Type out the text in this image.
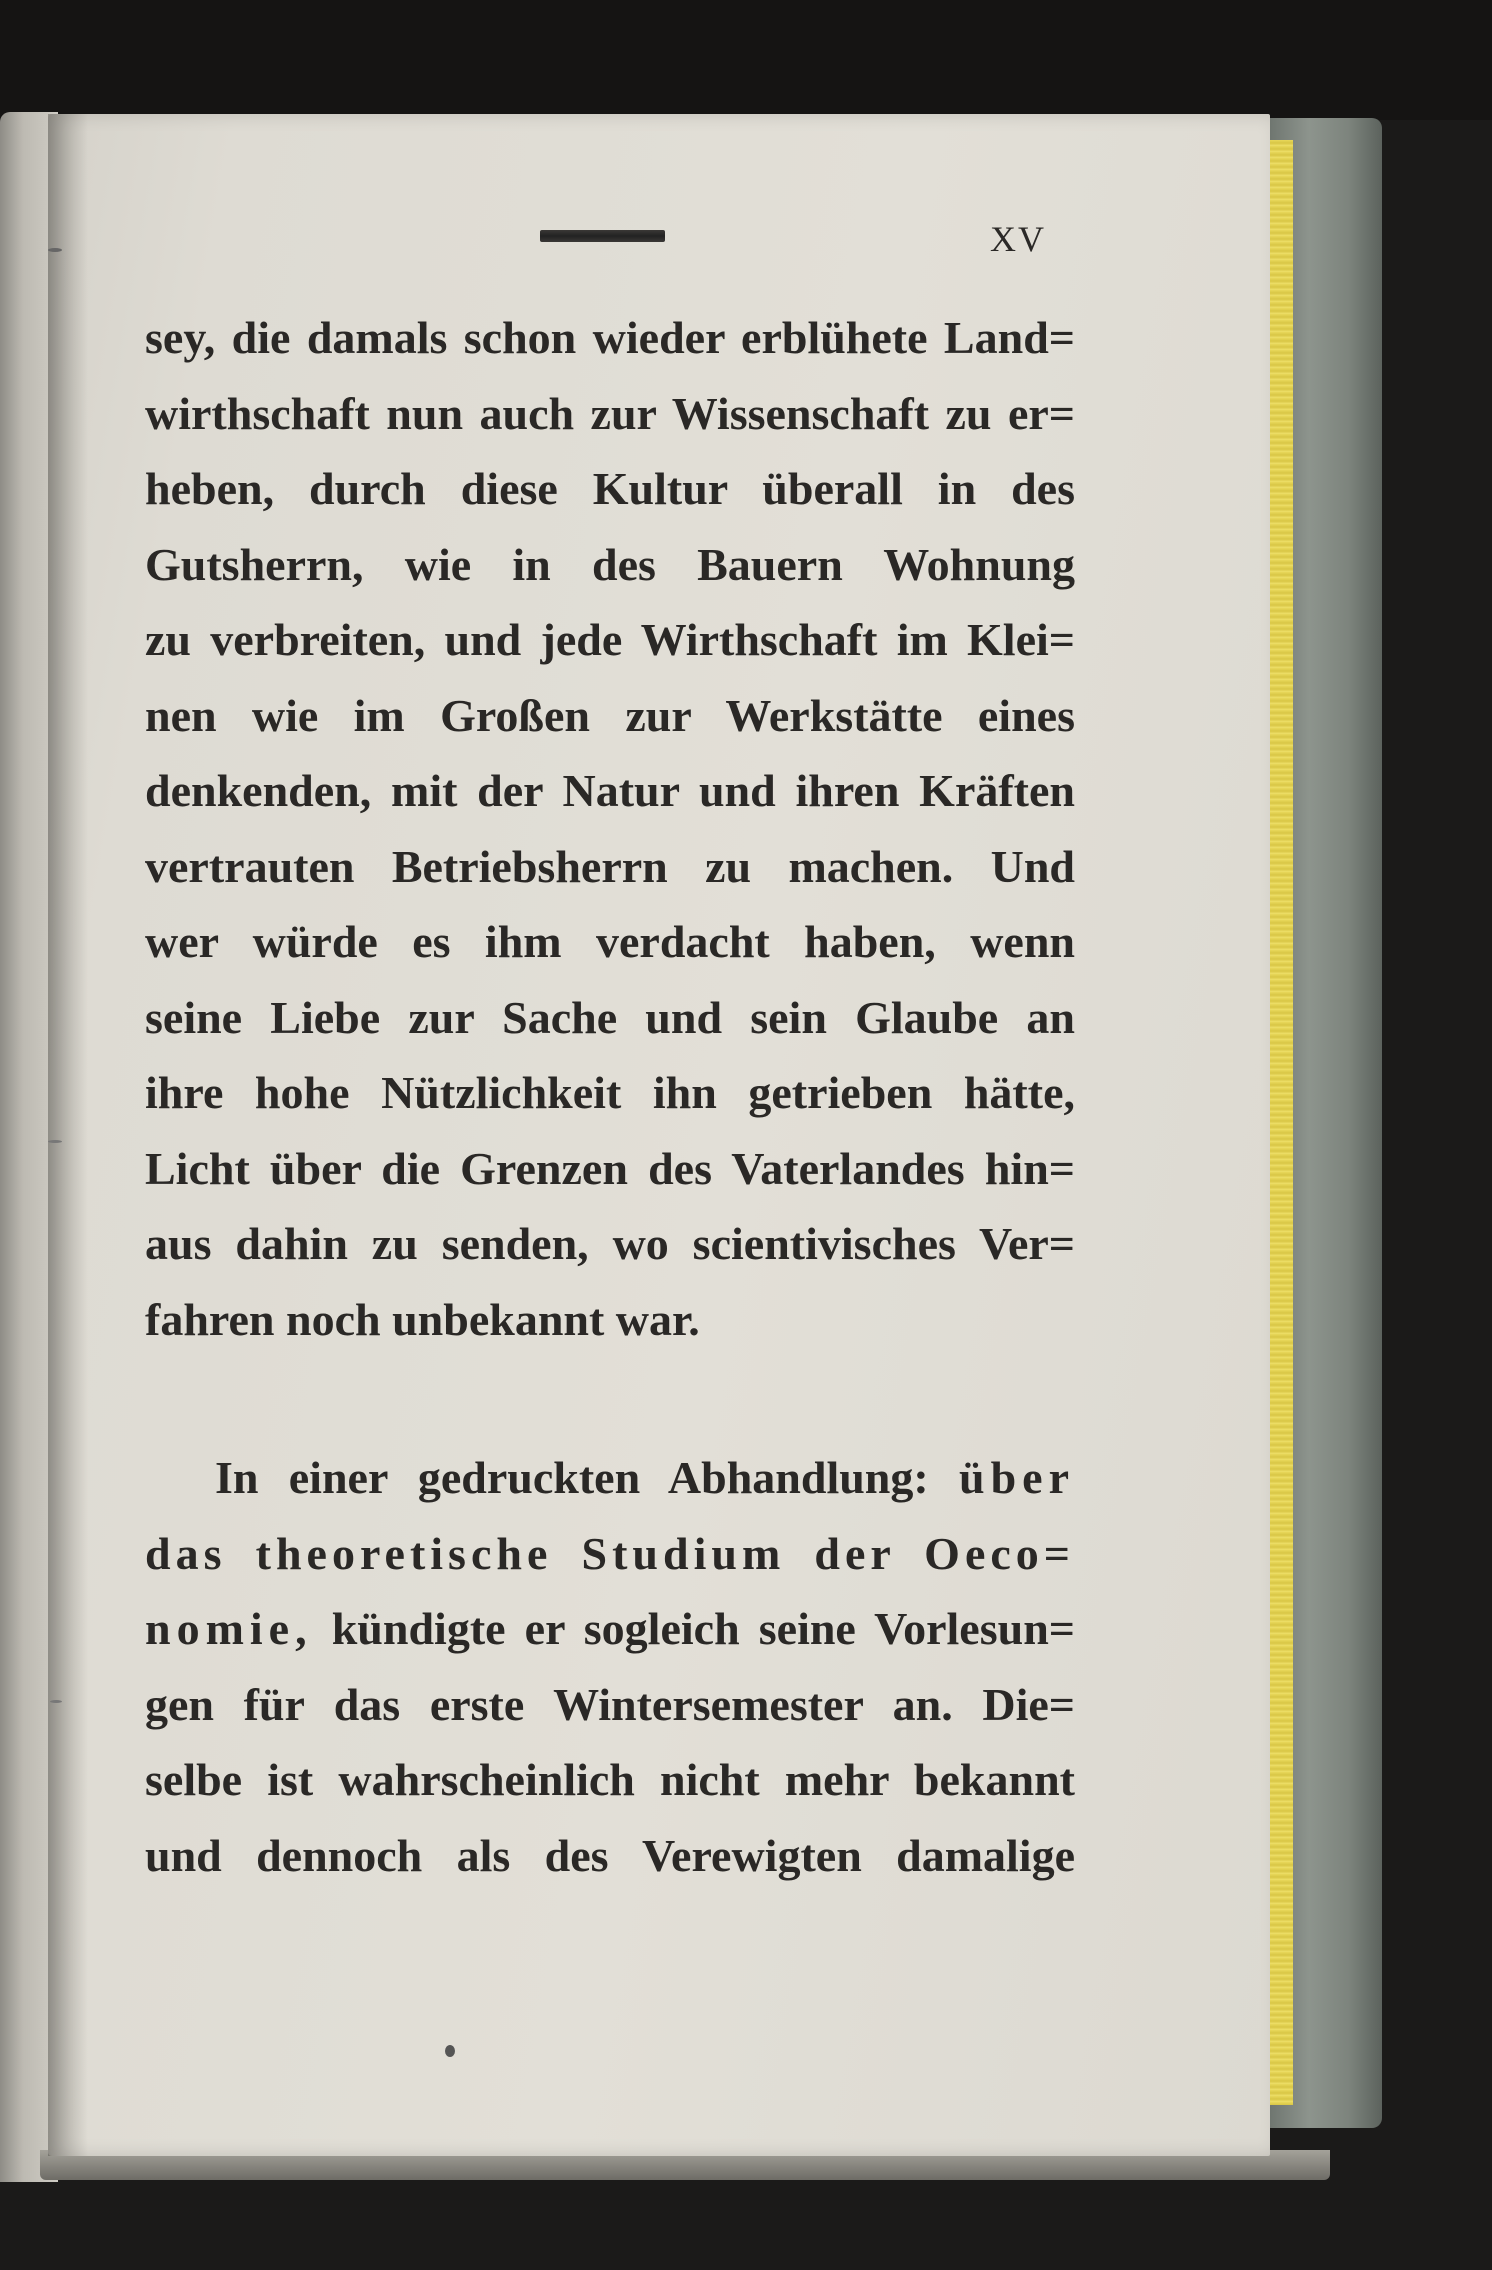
XV
sey, die damals schon wieder erblühete Land=
wirthschaft nun auch zur Wissenschaft zu er=
heben, durch diese Kultur überall in des
Gutsherrn, wie in des Bauern Wohnung
zu verbreiten, und jede Wirthschaft im Klei=
nen wie im Großen zur Werkstätte eines
denkenden, mit der Natur und ihren Kräften
vertrauten Betriebsherrn zu machen. Und
wer würde es ihm verdacht haben, wenn
seine Liebe zur Sache und sein Glaube an
ihre hohe Nützlichkeit ihn getrieben hätte,
Licht über die Grenzen des Vaterlandes hin=
aus dahin zu senden, wo scientivisches Ver=
fahren noch unbekannt war.
In einer gedruckten Abhandlung: über
das theoretische Studium der Oeco=
nomie, kündigte er sogleich seine Vorlesun=
gen für das erste Wintersemester an. Die=
selbe ist wahrscheinlich nicht mehr bekannt
und dennoch als des Verewigten damalige
